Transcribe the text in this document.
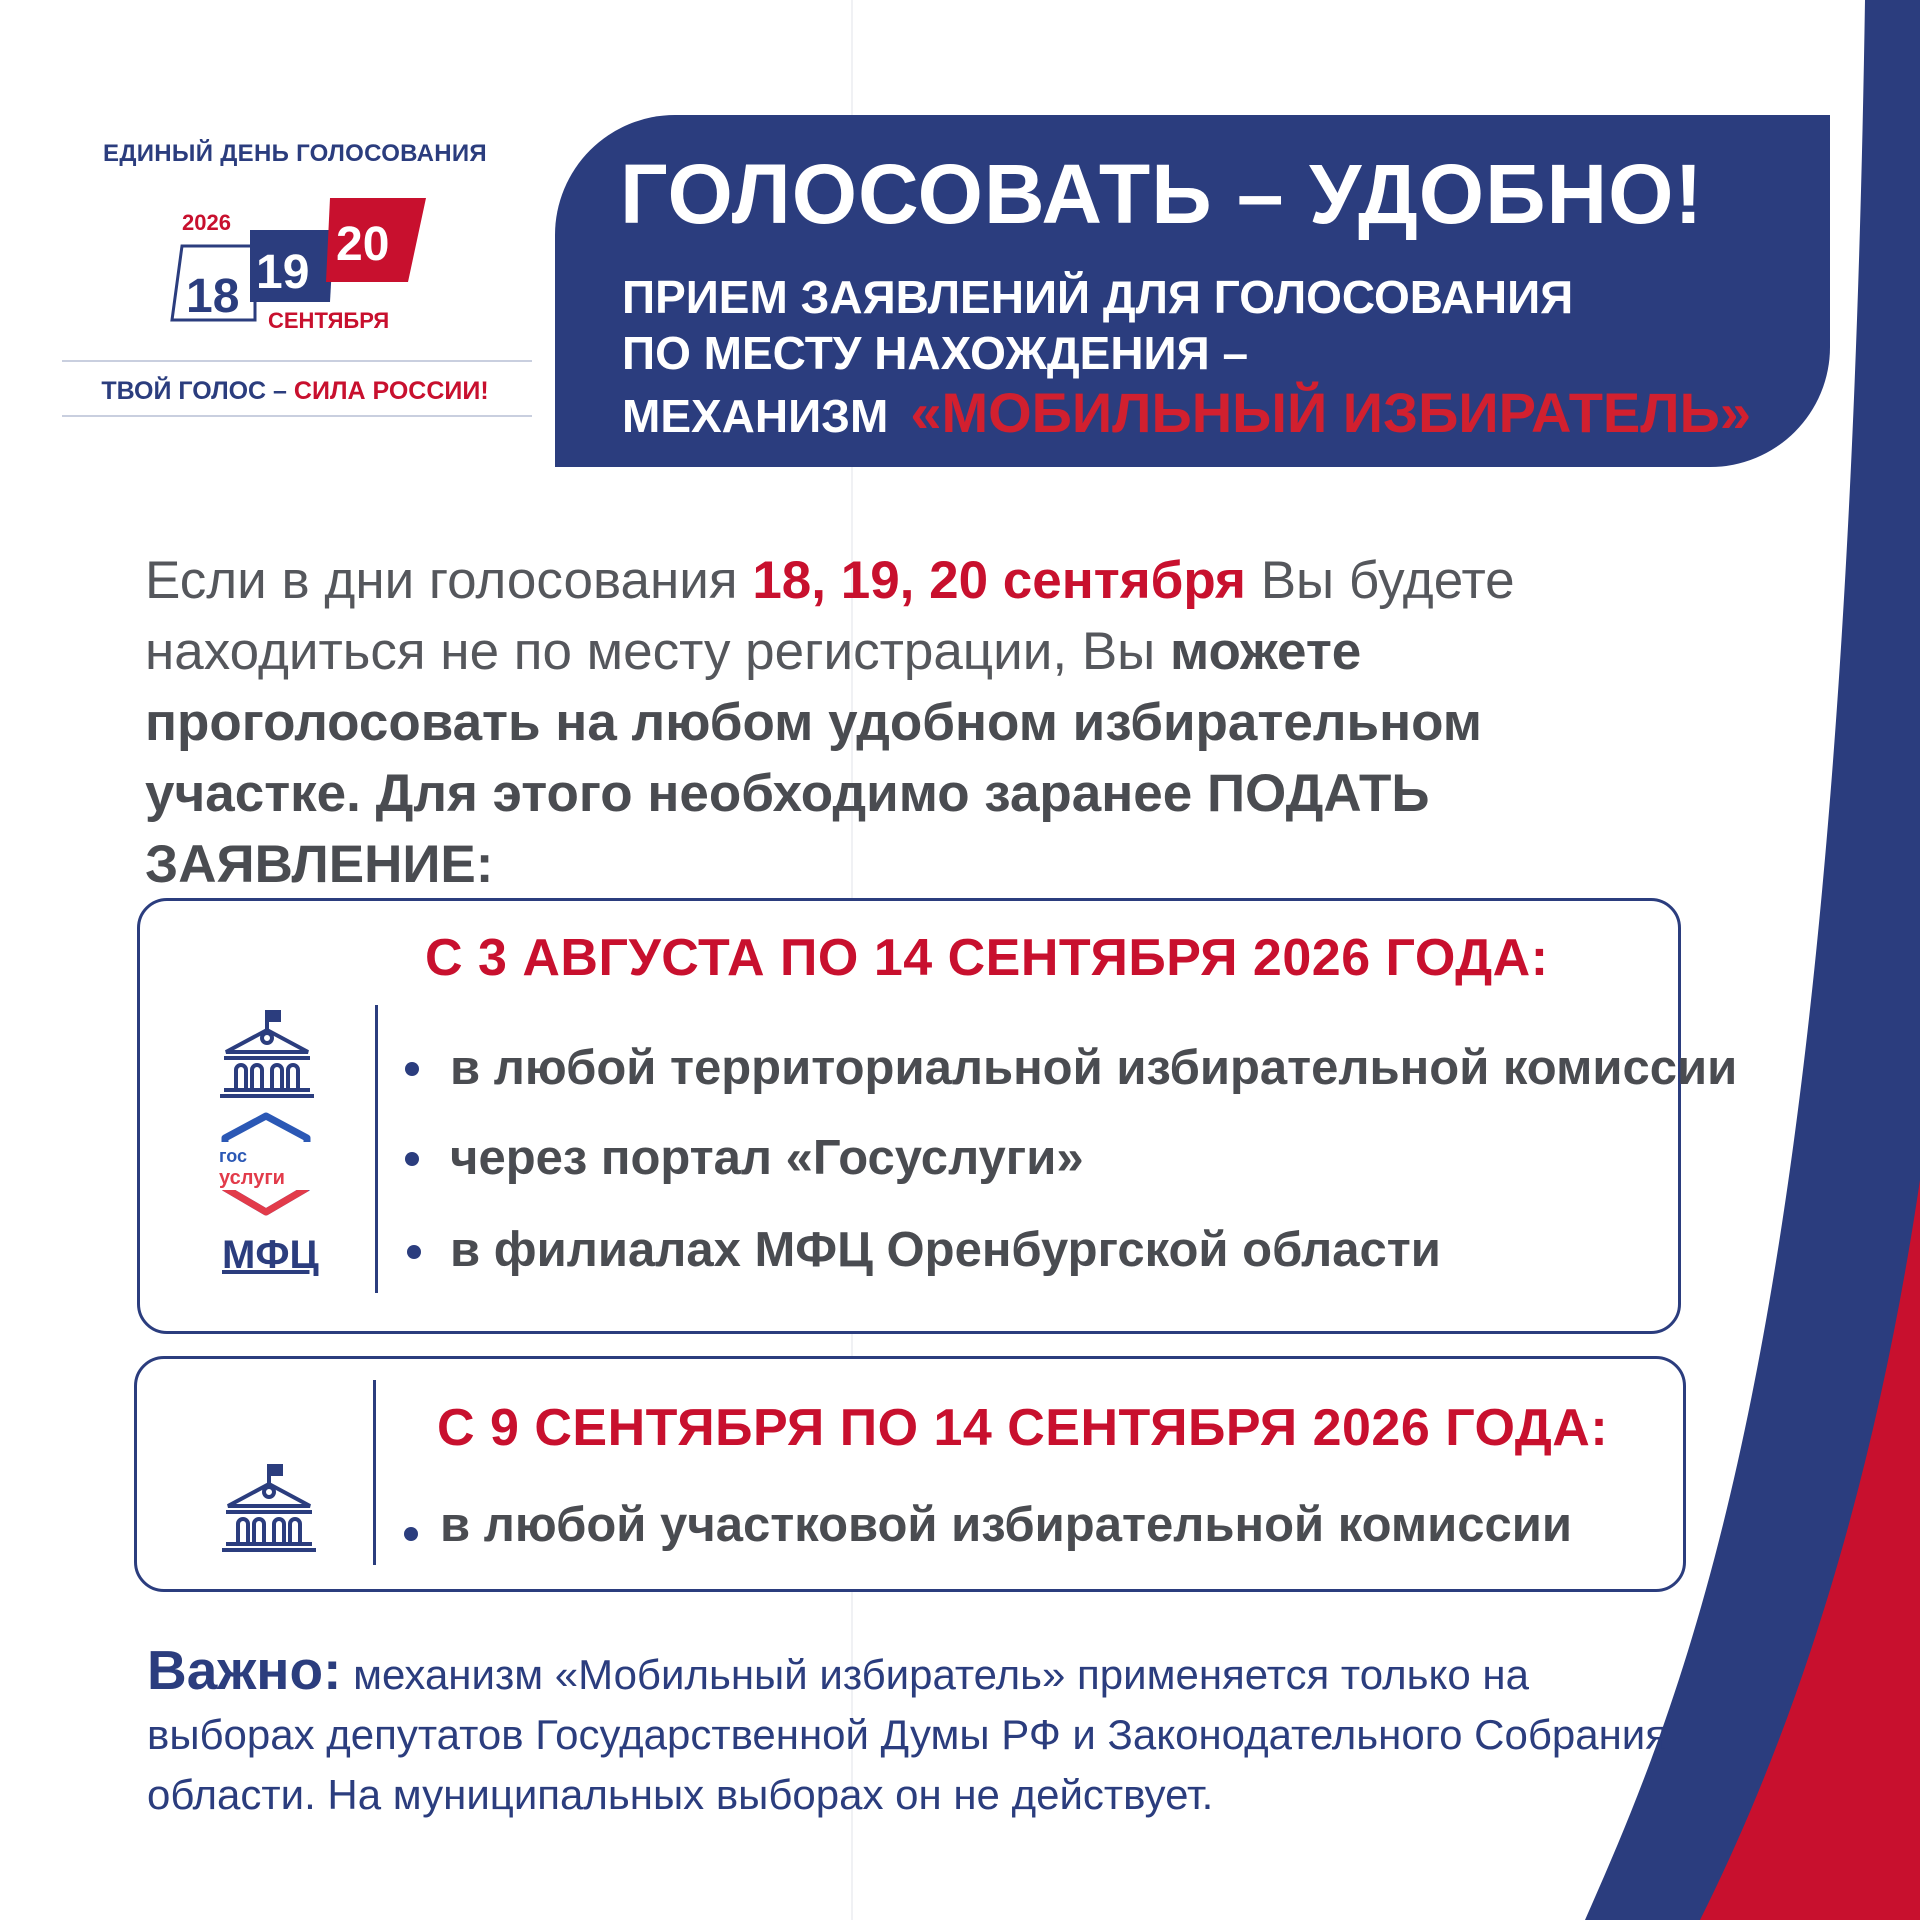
ЕДИНЫЙ ДЕНЬ ГОЛОСОВАНИЯ
2026
18 19
20
СЕНТЯБРЯ
ТВОЙ ГОЛОС – СИЛА РОССИИ!
ГОЛОСОВАТЬ – УДОБНО!
ПРИЕМ ЗАЯВЛЕНИЙ ДЛЯ ГОЛОСОВАНИЯ
ПО МЕСТУ НАХОЖДЕНИЯ –
МЕХАНИЗМ «МОБИЛЬНЫЙ ИЗБИРАТЕЛЬ»
Если в дни голосования 18, 19, 20 сентября Вы будете находиться не по месту регистрации, Вы можете проголосовать на любом удобном избирательном участке. Для этого необходимо заранее ПОДАТЬ ЗАЯВЛЕНИЕ:
С 3 АВГУСТА ПО 14 СЕНТЯБРЯ 2026 ГОДА:
гос
услуги
МФЦ
в любой территориальной избирательной комиссии
через портал «Госуслуги»
в филиалах МФЦ Оренбургской области
С 9 СЕНТЯБРЯ ПО 14 СЕНТЯБРЯ 2026 ГОДА:
в любой участковой избирательной комиссии
Важно: механизм «Мобильный избиратель» применяется только на выборах депутатов Государственной Думы РФ и Законодательного Собрания области. На муниципальных выборах он не действует.
